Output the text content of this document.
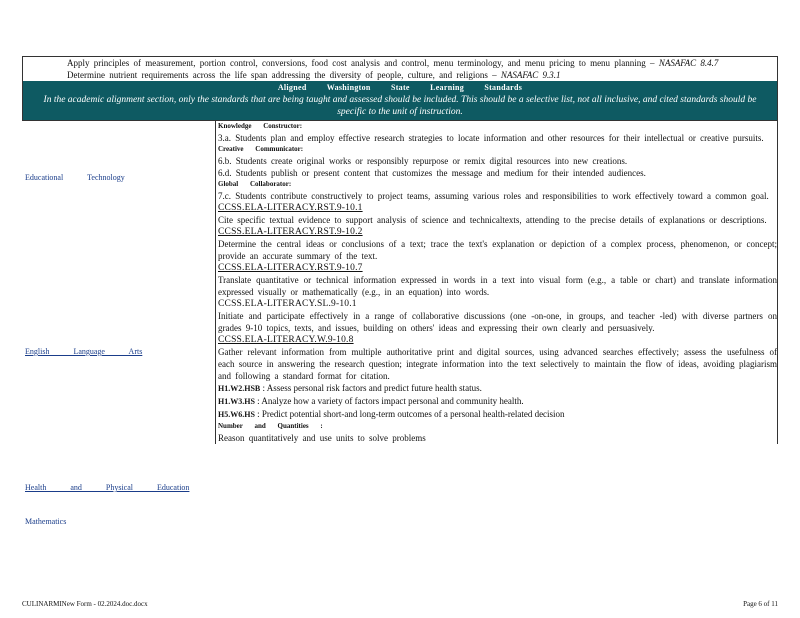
Apply principles of measurement, portion control, conversions, food cost analysis and control, menu terminology, and menu pricing to menu planning – NASAFAC 8.4.7
Determine nutrient requirements across the life span addressing the diversity of people, culture, and religions – NASAFAC 9.3.1
Aligned Washington State Learning Standards
In the academic alignment section, only the standards that are being taught and assessed should be included. This should be a selective list, not all inclusive, and cited standards should be specific to the unit of instruction.
Educational Technology
English Language Arts
Health and Physical Education
Mathematics
Knowledge Constructor:
3.a. Students plan and employ effective research strategies to locate information and other resources for their intellectual or creative pursuits.
Creative Communicator:
6.b. Students create original works or responsibly repurpose or remix digital resources into new creations.
6.d. Students publish or present content that customizes the message and medium for their intended audiences.
Global Collaborator:
7.c. Students contribute constructively to project teams, assuming various roles and responsibilities to work effectively toward a common goal.
CCSS.ELA-LITERACY.RST.9-10.1
Cite specific textual evidence to support analysis of science and technicaltexts, attending to the precise details of explanations or descriptions.
CCSS.ELA-LITERACY.RST.9-10.2
Determine the central ideas or conclusions of a text; trace the text's explanation or depiction of a complex process, phenomenon, or concept; provide an accurate summary of the text.
CCSS.ELA-LITERACY.RST.9-10.7
Translate quantitative or technical information expressed in words in a text into visual form (e.g., a table or chart) and translate information expressed visually or mathematically (e.g., in an equation) into words.
CCSS.ELA-LITERACY.SL.9-10.1
Initiate and participate effectively in a range of collaborative discussions (one -on-one, in groups, and teacher -led) with diverse partners on grades 9-10 topics, texts, and issues, building on others' ideas and expressing their own clearly and persuasively.
CCSS.ELA-LITERACY.W.9-10.8
Gather relevant information from multiple authoritative print and digital sources, using advanced searches effectively; assess the usefulness of each source in answering the research question; integrate information into the text selectively to maintain the flow of ideas, avoiding plagiarism and following a standard format for citation.
H1.W2.HSB : Assess personal risk factors and predict future health status.
H1.W3.HS : Analyze how a variety of factors impact personal and community health.
H5.W6.HS : Predict potential short-and long-term outcomes of a personal health-related decision
Number and Quantities :
Reason quantitatively and use units to solve problems
CULINARMINew Form - 02.2024.doc.docx	Page 6 of 11
